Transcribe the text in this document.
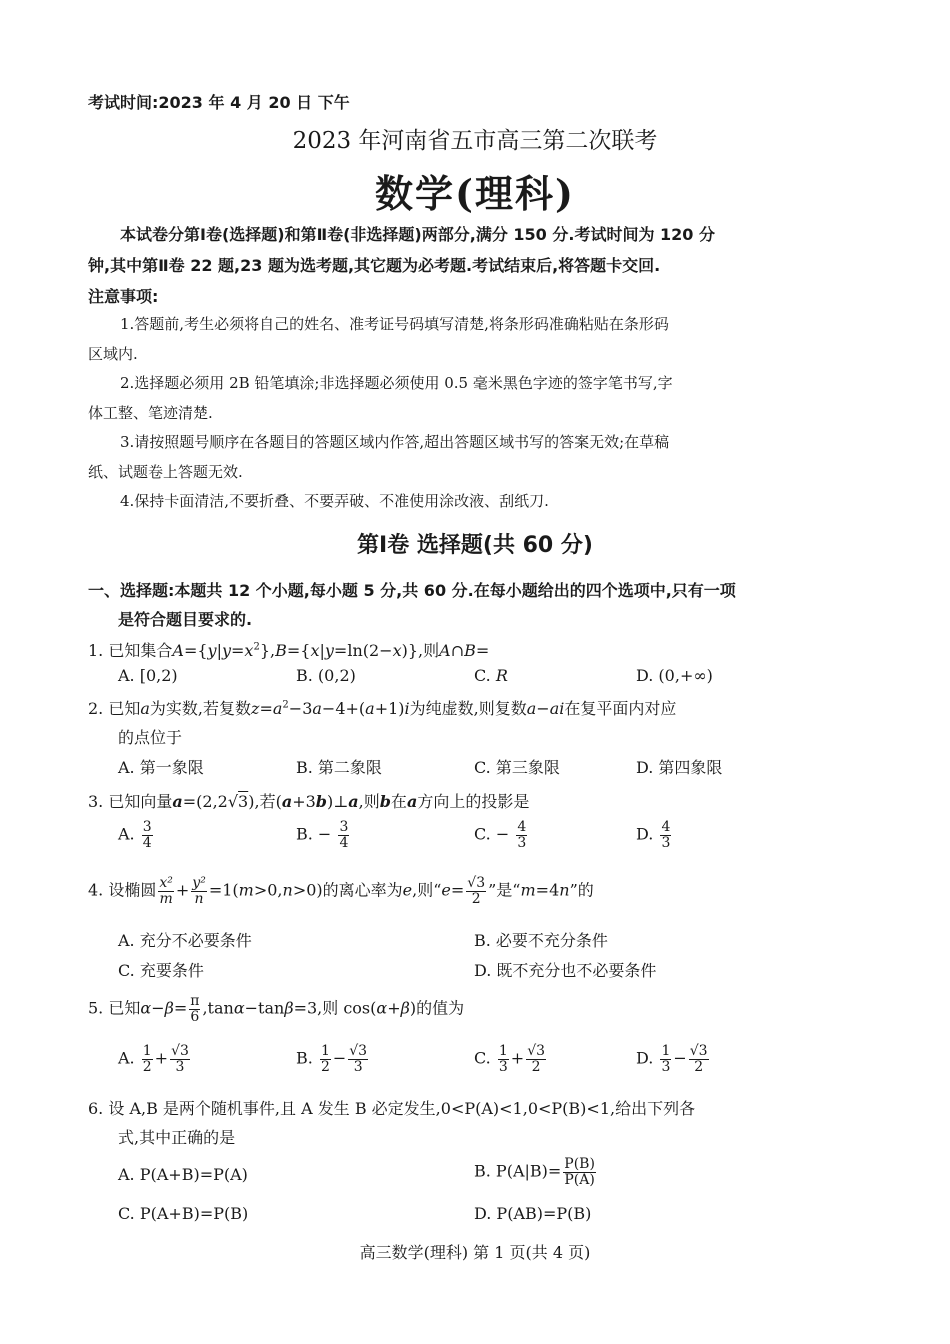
考试时间:2023 年 4 月 20 日 下午
2023 年河南省五市高三第二次联考
数学(理科)
本试卷分第Ⅰ卷(选择题)和第Ⅱ卷(非选择题)两部分,满分 150 分.考试时间为 120 分
钟,其中第Ⅱ卷 22 题,23 题为选考题,其它题为必考题.考试结束后,将答题卡交回.
注意事项:
1.答题前,考生必须将自己的姓名、准考证号码填写清楚,将条形码准确粘贴在条形码
区域内.
2.选择题必须用 2B 铅笔填涂;非选择题必须使用 0.5 毫米黑色字迹的签字笔书写,字
体工整、笔迹清楚.
3.请按照题号顺序在各题目的答题区域内作答,超出答题区域书写的答案无效;在草稿
纸、试题卷上答题无效.
4.保持卡面清洁,不要折叠、不要弄破、不准使用涂改液、刮纸刀.
第Ⅰ卷 选择题(共 60 分)
一、选择题:本题共 12 个小题,每小题 5 分,共 60 分.在每小题给出的四个选项中,只有一项
是符合题目要求的.
1. 已知集合$A=\{y|y=x^2\},B=\{x|y=\ln(2-x)\}$,则A∩B=
A. [0,2)	B. (0,2)	C. R	D. (0,+∞)
2. 已知a为实数,若复数$z=a^2-3a-4+(a+1)i$为纯虚数,则复数a−ai在复平面内对应
的点位于
A. 第一象限	B. 第二象限	C. 第三象限	D. 第四象限
3. 已知向量a=(2,2√3),若(a+3b)⊥a,则b在a方向上的投影是
A. $\frac{3}{4}$	B. − $\frac{3}{4}$	C. − $\frac{4}{3}$	D. $\frac{4}{3}$
4. 设椭圆 $\frac{\text{x²}}{m} + \frac{\text{y²}}{n} =1(m>0,n>0)$的离心率为e,则“$e= \frac{√3}{2}$ ”是“m=4n”的
A. 充分不必要条件	B. 必要不充分条件
C. 充要条件	D. 既不充分也不必要条件
5. 已知$\alpha-\beta= \frac{\pi}{6} ,\tan\alpha-\tan\beta=3$,则 cos(α+β)的值为
A. $\frac{1}{2} + \frac{√3}{3}$	B. $\frac{1}{2} - \frac{√3}{3}$	C. $\frac{1}{3} + \frac{√3}{2}$	D. $\frac{1}{3} - \frac{√3}{2}$
6. 设 A,B 是两个随机事件,且 A 发生 B 必定发生,0<P(A)<1,0<P(B)<1,给出下列各
式,其中正确的是
A. P(A+B)=P(A)	B. $P(A|B)= \frac{P(B)}{P(A)}$
C. P(A+B)=P(B)	D. P(AB)=P(B)
高三数学(理科) 第 1 页(共 4 页)
